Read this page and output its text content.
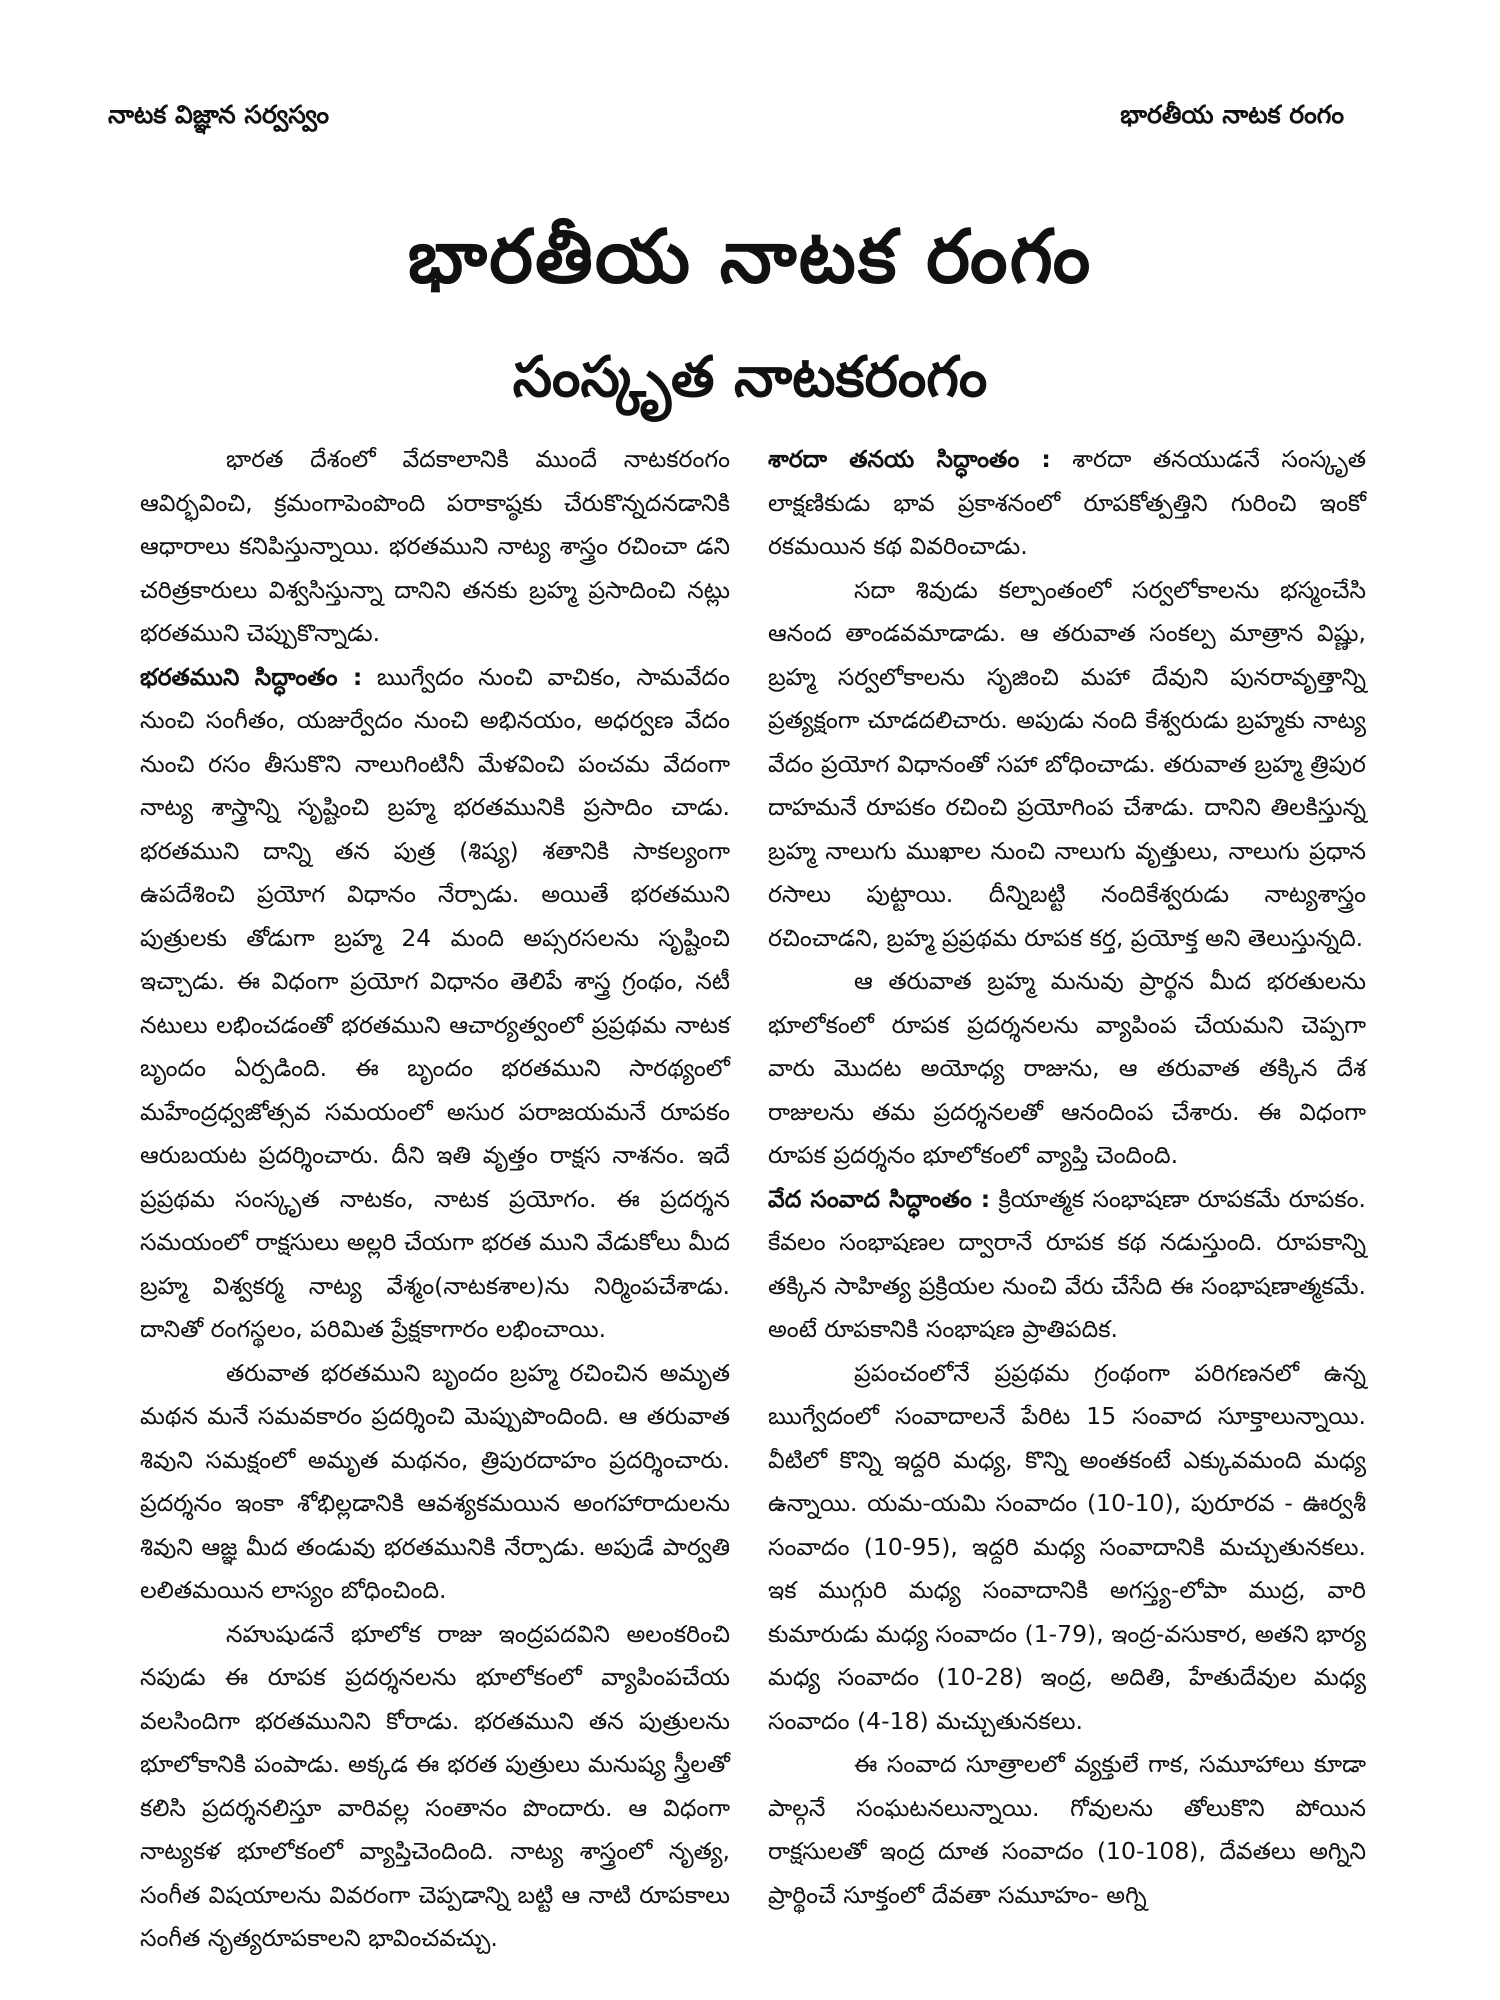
నాటక విజ్ఞాన సర్వస్వం	భారతీయ నాటక రంగం
భారతీయ నాటక రంగం
సంస్కృత నాటకరంగం

భారత దేశంలో వేదకాలానికి ముందే నాటకరంగం ఆవిర్భవించి, క్రమంగాపెంపొంది పరాకాష్ఠకు చేరుకొన్నదనడానికి ఆధారాలు కనిపిస్తున్నాయి. భరతముని నాట్య శాస్త్రం రచించా డని చరిత్రకారులు విశ్వసిస్తున్నా దానిని తనకు బ్రహ్మ ప్రసాదించి నట్లు భరతముని చెప్పుకొన్నాడు.

భరతముని సిద్ధాంతం : ఋగ్వేదం నుంచి వాచికం, సామవేదం నుంచి సంగీతం, యజుర్వేదం నుంచి అభినయం, అధర్వణ వేదం నుంచి రసం తీసుకొని నాలుగింటినీ మేళవించి పంచమ వేదంగా నాట్య శాస్త్రాన్ని సృష్టించి బ్రహ్మ భరతమునికి ప్రసాదిం చాడు. భరతముని దాన్ని తన పుత్ర (శిష్య) శతానికి సాకల్యంగా ఉపదేశించి ప్రయోగ విధానం నేర్పాడు. అయితే భరతముని పుత్రులకు తోడుగా బ్రహ్మ 24 మంది అప్సరసలను సృష్టించి ఇచ్చాడు. ఈ విధంగా ప్రయోగ విధానం తెలిపే శాస్త్ర గ్రంథం, నటీ నటులు లభించడంతో భరతముని ఆచార్యత్వంలో ప్రప్రథమ నాటక బృందం ఏర్పడింది. ఈ బృందం భరతముని సారథ్యంలో మహేంద్రధ్వజోత్సవ సమయంలో అసుర పరాజయమనే రూపకం ఆరుబయట ప్రదర్శించారు. దీని ఇతి వృత్తం రాక్షస నాశనం. ఇదే ప్రప్రథమ సంస్కృత నాటకం, నాటక ప్రయోగం. ఈ ప్రదర్శన సమయంలో రాక్షసులు అల్లరి చేయగా భరత ముని వేడుకోలు మీద బ్రహ్మ విశ్వకర్మ నాట్య వేశ్మం(నాటకశాల)ను నిర్మింపచేశాడు. దానితో రంగస్థలం, పరిమిత ప్రేక్షకాగారం లభించాయి.

తరువాత భరతముని బృందం బ్రహ్మ రచించిన అమృత మథన మనే సమవకారం ప్రదర్శించి మెప్పుపొందింది. ఆ తరువాత శివుని సమక్షంలో అమృత మథనం, త్రిపురదాహం ప్రదర్శించారు. ప్రదర్శనం ఇంకా శోభిల్లడానికి ఆవశ్యకమయిన అంగహారాదులను శివుని ఆజ్ఞ మీద తండువు భరతమునికి నేర్పాడు. అపుడే పార్వతి లలితమయిన లాస్యం బోధించింది.

నహుషుడనే భూలోక రాజు ఇంద్రపదవిని అలంకరించి నపుడు ఈ రూపక ప్రదర్శనలను భూలోకంలో వ్యాపింపచేయ వలసిందిగా భరతమునిని కోరాడు. భరతముని తన పుత్రులను భూలోకానికి పంపాడు. అక్కడ ఈ భరత పుత్రులు మనుష్య స్త్రీలతో కలిసి ప్రదర్శనలిస్తూ వారివల్ల సంతానం పొందారు. ఆ విధంగా నాట్యకళ భూలోకంలో వ్యాప్తిచెందింది. నాట్య శాస్త్రంలో నృత్య, సంగీత విషయాలను వివరంగా చెప్పడాన్ని బట్టి ఆ నాటి రూపకాలు సంగీత నృత్యరూపకాలని భావించవచ్చు.

శారదా తనయ సిద్ధాంతం : శారదా తనయుడనే సంస్కృత లాక్షణికుడు భావ ప్రకాశనంలో రూపకోత్పత్తిని గురించి ఇంకో రకమయిన కథ వివరించాడు.

సదా శివుడు కల్పాంతంలో సర్వలోకాలను భస్మంచేసి ఆనంద తాండవమాడాడు. ఆ తరువాత సంకల్ప మాత్రాన విష్ణు, బ్రహ్మ సర్వలోకాలను సృజించి మహా దేవుని పునరావృత్తాన్ని ప్రత్యక్షంగా చూడదలిచారు. అపుడు నంది కేశ్వరుడు బ్రహ్మకు నాట్య వేదం ప్రయోగ విధానంతో సహా బోధించాడు. తరువాత బ్రహ్మ త్రిపుర దాహమనే రూపకం రచించి ప్రయోగింప చేశాడు. దానిని తిలకిస్తున్న బ్రహ్మ నాలుగు ముఖాల నుంచి నాలుగు వృత్తులు, నాలుగు ప్రధాన రసాలు పుట్టాయి. దీన్నిబట్టి నందికేశ్వరుడు నాట్యశాస్త్రం రచించాడని, బ్రహ్మ ప్రప్రథమ రూపక కర్త, ప్రయోక్త అని తెలుస్తున్నది.

ఆ తరువాత బ్రహ్మ మనువు ప్రార్థన మీద భరతులను భూలోకంలో రూపక ప్రదర్శనలను వ్యాపింప చేయమని చెప్పగా వారు మొదట అయోధ్య రాజును, ఆ తరువాత తక్కిన దేశ రాజులను తమ ప్రదర్శనలతో ఆనందింప చేశారు. ఈ విధంగా రూపక ప్రదర్శనం భూలోకంలో వ్యాప్తి చెందింది.

వేద సంవాద సిద్ధాంతం : క్రియాత్మక సంభాషణా రూపకమే రూపకం. కేవలం సంభాషణల ద్వారానే రూపక కథ నడుస్తుంది. రూపకాన్ని తక్కిన సాహిత్య ప్రక్రియల నుంచి వేరు చేసేది ఈ సంభాషణాత్మకమే. అంటే రూపకానికి సంభాషణ ప్రాతిపదిక.

ప్రపంచంలోనే ప్రప్రథమ గ్రంథంగా పరిగణనలో ఉన్న ఋగ్వేదంలో సంవాదాలనే పేరిట 15 సంవాద సూక్తాలున్నాయి. వీటిలో కొన్ని ఇద్దరి మధ్య, కొన్ని అంతకంటే ఎక్కువమంది మధ్య ఉన్నాయి. యమ-యమి సంవాదం (10-10), పురూరవ - ఊర్వశీ సంవాదం (10-95), ఇద్దరి మధ్య సంవాదానికి మచ్చుతునకలు. ఇక ముగ్గురి మధ్య సంవాదానికి అగస్త్య-లోపా ముద్ర, వారి కుమారుడు మధ్య సంవాదం (1-79), ఇంద్ర-వసుకార, అతని భార్య మధ్య సంవాదం (10-28) ఇంద్ర, అదితి, హేతుదేవుల మధ్య సంవాదం (4-18) మచ్చుతునకలు.

ఈ సంవాద సూత్రాలలో వ్యక్తులే గాక, సమూహాలు కూడా పాల్గనే సంఘటనలున్నాయి. గోవులను తోలుకొని పోయిన రాక్షసులతో ఇంద్ర దూత సంవాదం (10-108), దేవతలు అగ్నిని ప్రార్థించే సూక్తంలో దేవతా సమూహం- అగ్ని
